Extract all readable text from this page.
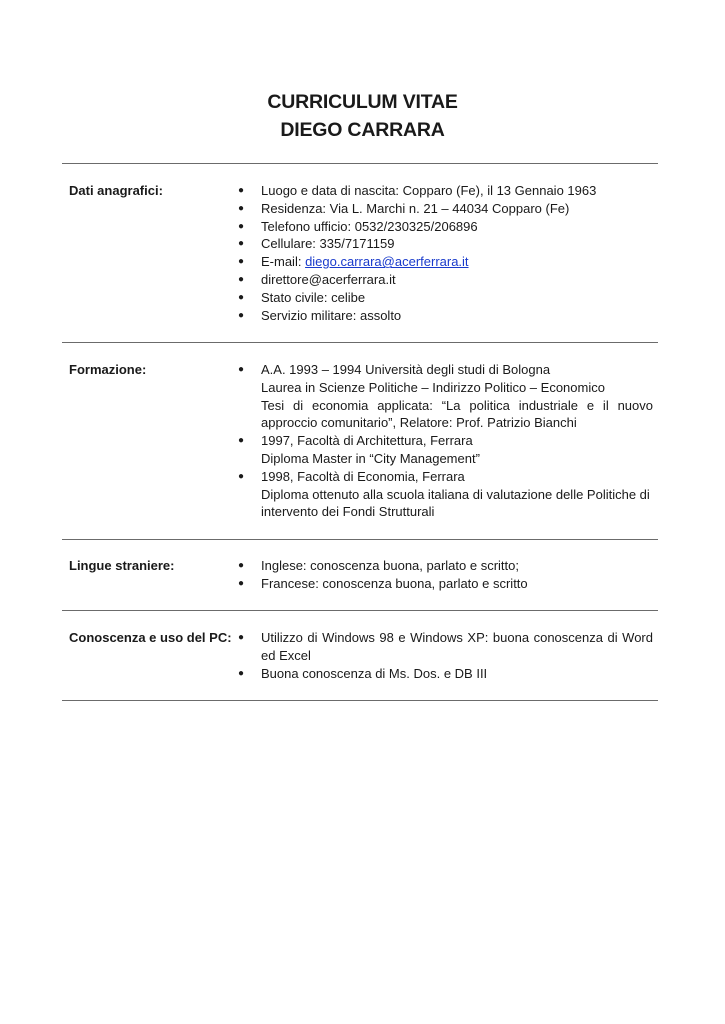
CURRICULUM VITAE
DIEGO CARRARA
Dati anagrafici:	● Luogo e data di nascita: Copparo (Fe), il 13 Gennaio 1963
● Residenza: Via L. Marchi n. 21 – 44034 Copparo (Fe)
● Telefono ufficio: 0532/230325/206896
● Cellulare: 335/7171159
● E-mail: diego.carrara@acerferrara.it
● direttore@acerferrara.it
● Stato civile: celibe
● Servizio militare: assolto
Formazione:	● A.A. 1993 – 1994 Università degli studi di Bologna
Laurea in Scienze Politiche – Indirizzo Politico – Economico
Tesi di economia applicata: “La politica industriale e il nuovo approccio comunitario”, Relatore: Prof. Patrizio Bianchi
● 1997, Facoltà di Architettura, Ferrara
Diploma Master in “City Management”
● 1998, Facoltà di Economia, Ferrara
Diploma ottenuto alla scuola italiana di valutazione delle Politiche di intervento dei Fondi Strutturali
Lingue straniere:	● Inglese: conoscenza buona, parlato e scritto;
● Francese: conoscenza buona, parlato e scritto
Conoscenza e uso del PC: ● Utilizzo di Windows 98 e Windows XP: buona conoscenza di Word ed Excel
● Buona conoscenza di Ms. Dos. e DB III
